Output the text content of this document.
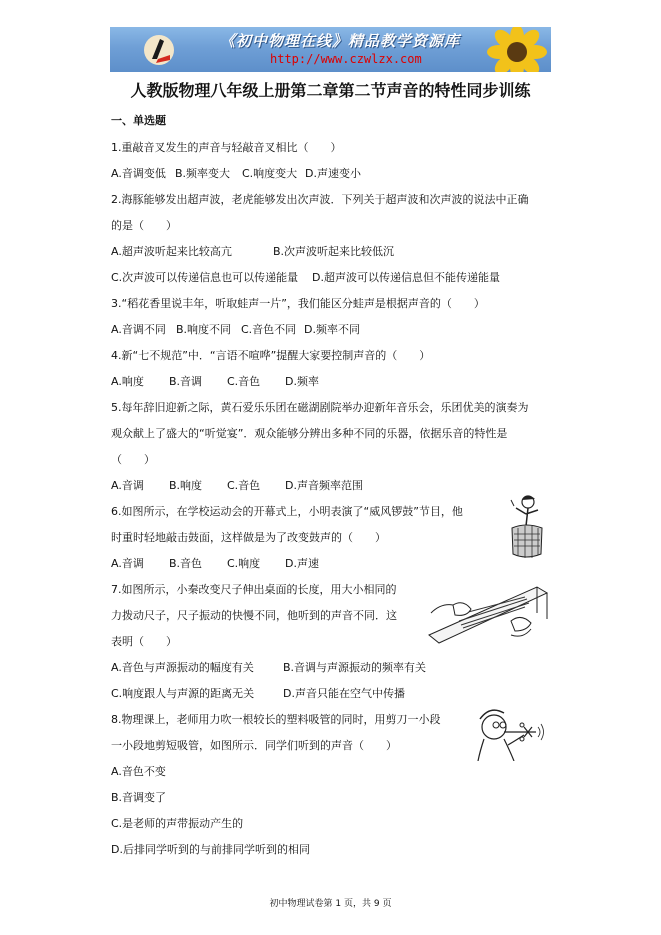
《初中物理在线》精品教学资源库
http://www.czwlzx.com
人教版物理八年级上册第二章第二节声音的特性同步训练
一、单选题
1.重敲音叉发生的声音与轻敲音叉相比（　　）
A.音调变低 B.频率变大 C.响度变大 D.声速变小
2.海豚能够发出超声波，老虎能够发出次声波．下列关于超声波和次声波的说法中正确
的是（　　）
A.超声波听起来比较高亢	B.次声波听起来比较低沉
C.次声波可以传递信息也可以传递能量 D.超声波可以传递信息但不能传递能量
3.“稻花香里说丰年，听取蛙声一片”，我们能区分蛙声是根据声音的（　　）
A.音调不同 B.响度不同 C.音色不同 D.频率不同
4.新“七不规范”中．“言语不喧哗”提醒大家要控制声音的（　　）
A.响度 B.音调 C.音色 D.频率
5.每年辞旧迎新之际，黄石爱乐乐团在磁湖剧院举办迎新年音乐会，乐团优美的演奏为
观众献上了盛大的“听觉宴”．观众能够分辨出多种不同的乐器，依据乐音的特性是
（　　）
A.音调 B.响度 C.音色 D.声音频率范围
6.如图所示，在学校运动会的开幕式上，小明表演了“威风锣鼓”节目，他
时重时轻地敲击鼓面，这样做是为了改变鼓声的（　　）
A.音调 B.音色 C.响度 D.声速
7.如图所示，小秦改变尺子伸出桌面的长度，用大小相同的
力拨动尺子，尺子振动的快慢不同，他听到的声音不同．这
表明（　　）
A.音色与声源振动的幅度有关	B.音调与声源振动的频率有关
C.响度跟人与声源的距离无关	D.声音只能在空气中传播
8.物理课上，老师用力吹一根较长的塑料吸管的同时，用剪刀一小段
一小段地剪短吸管，如图所示．同学们听到的声音（　　）
A.音色不变
B.音调变了
C.是老师的声带振动产生的
D.后排同学听到的与前排同学听到的相同
初中物理试卷第 1 页，共 9 页
